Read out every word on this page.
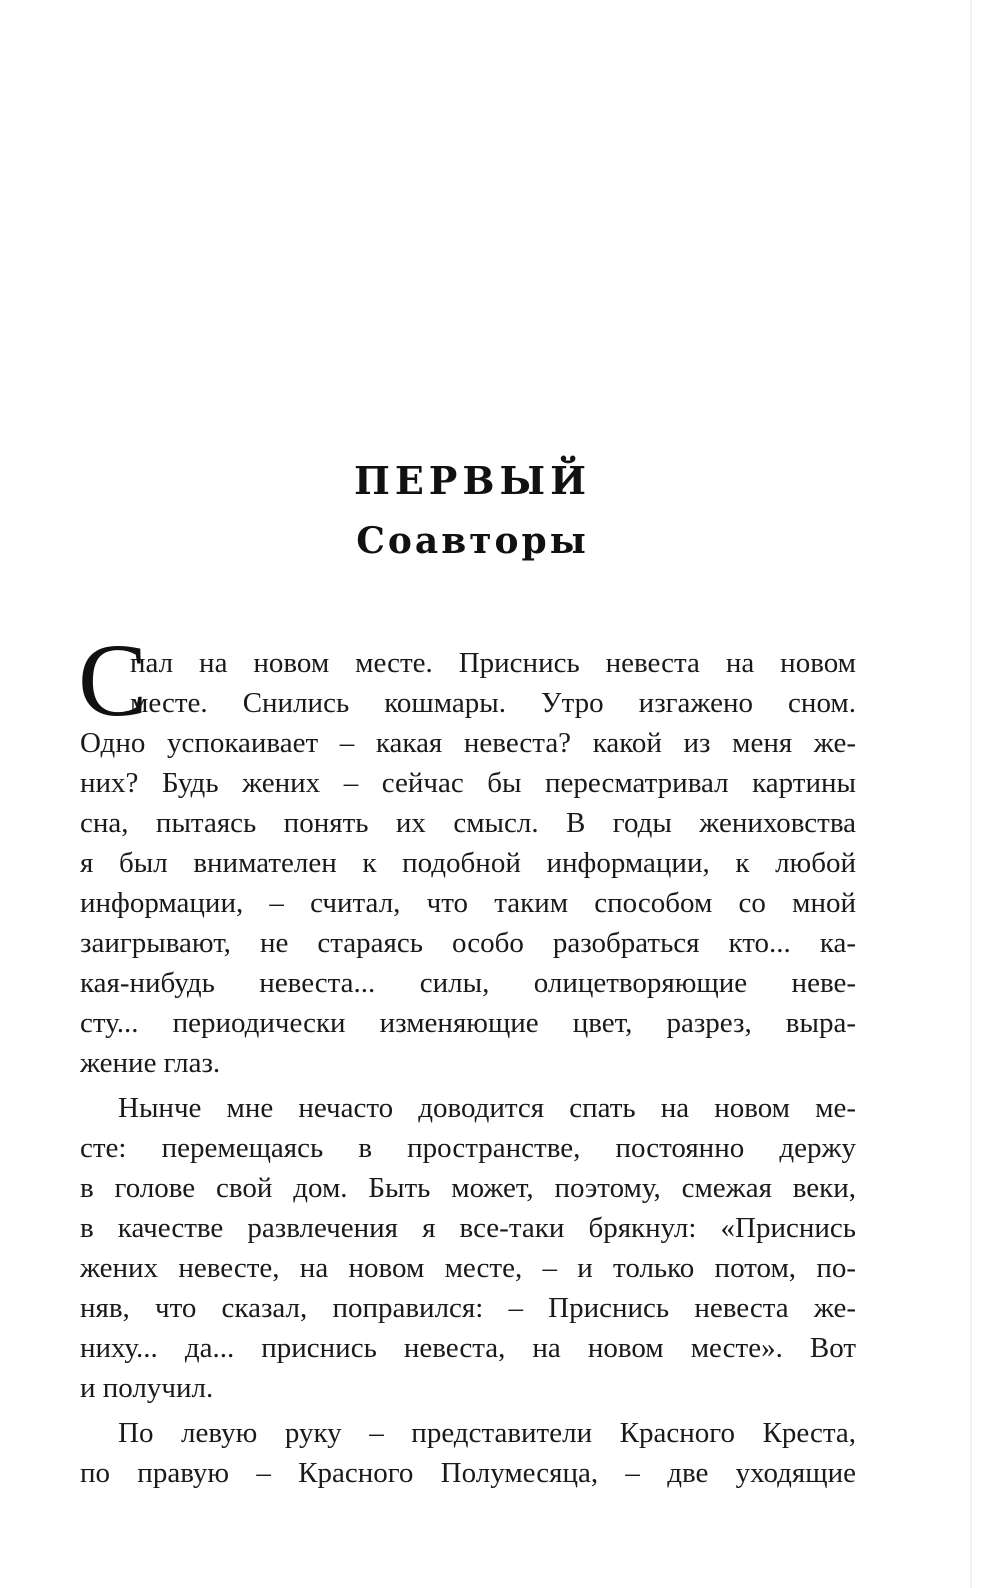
ПЕРВЫЙ
Соавторы
С
пал на новом месте. Приснись невеста на новом
месте. Снились кошмары. Утро изгажено сном.
Одно успокаивает – какая невеста? какой из меня же-
них? Будь жених – сейчас бы пересматривал картины
сна, пытаясь понять их смысл. В годы жениховства
я был внимателен к подобной информации, к любой
информации, – считал, что таким способом со мной
заигрывают, не стараясь особо разобраться кто... ка-
кая-нибудь невеста... силы, олицетворяющие неве-
сту... периодически изменяющие цвет, разрез, выра-
жение глаз.
Нынче мне нечасто доводится спать на новом ме-
сте: перемещаясь в пространстве, постоянно держу
в голове свой дом. Быть может, поэтому, смежая веки,
в качестве развлечения я все-таки брякнул: «Приснись
жених невесте, на новом месте, – и только потом, по-
няв, что сказал, поправился: – Приснись невеста же-
ниху... да... приснись невеста, на новом месте». Вот
и получил.
По левую руку – представители Красного Креста,
по правую – Красного Полумесяца, – две уходящие
